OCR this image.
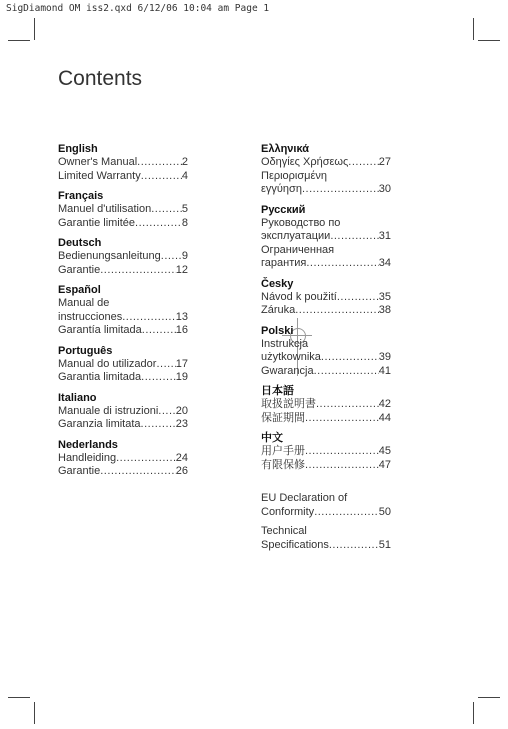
SigDiamond OM iss2.qxd 6/12/06 10:04 am Page 1
Contents
English
Owner's Manual .....	2
Limited Warranty .....	4
Français
Manuel d'utilisation .....	5
Garantie limitée .....	8
Deutsch
Bedienungsanleitung ..... 9
Garantie .....	12
Español
Manual de
instrucciones .....	13
Garantía limitada .....	16
Português
Manual do utilizador ..... 17
Garantia limitada .....	19
Italiano
Manuale di istruzioni ..... 20
Garanzia limitata .....	23
Nederlands
Handleiding .....	24
Garantie .....	26
Ελληνικά
Οδηγίες Χρήσεως .....	27
Περιορισμένη
εγγύηση .....	30
Русский
Руководство по
эксплуатации .....	31
Ограниченная
гарантия .....	34
Česky
Návod k použití .....	35
Záruka .....	38
Polski
Instrukcja
użytkownika .....	39
Gwarancja .....	41
日本語
取扱説明書 .....	42
保証期間 .....	44
中文
用户手册 .....	45
有限保修 .....	47
EU Declaration of
Conformity .....	50
Technical
Specifications .....	51
